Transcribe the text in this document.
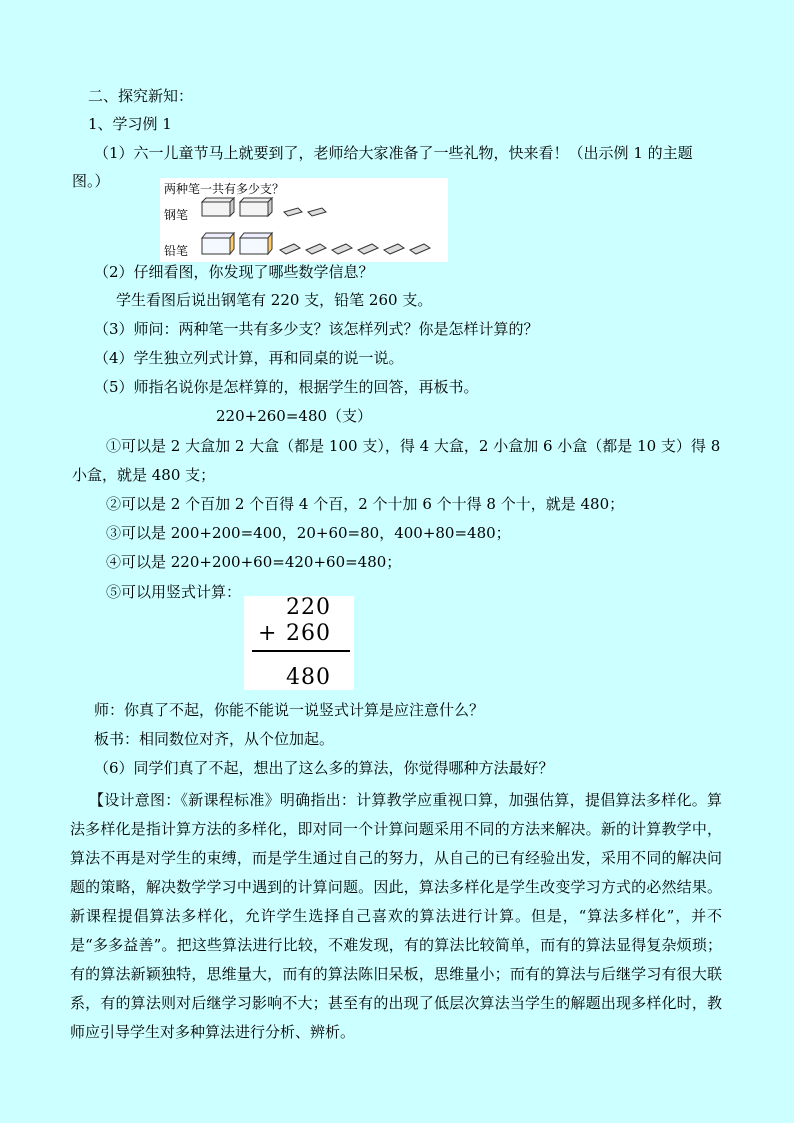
二、探究新知：
1、学习例 1
（1）六一儿童节马上就要到了，老师给大家准备了一些礼物，快来看！（出示例 1 的主题
图。）	两种笔一共有多少支？
钢笔
铅笔
（2）仔细看图，你发现了哪些数学信息？
学生看图后说出钢笔有 220 支，铅笔 260 支。
（3）师问：两种笔一共有多少支？该怎样列式？你是怎样计算的？
（4）学生独立列式计算，再和同桌的说一说。
（5）师指名说你是怎样算的，根据学生的回答，再板书。
220+260=480（支）
①可以是 2 大盒加 2 大盒（都是 100 支），得 4 大盒，2 小盒加 6 小盒（都是 10 支）得 8
小盒，就是 480 支；
②可以是 2 个百加 2 个百得 4 个百，2 个十加 6 个十得 8 个十，就是 480；
③可以是 200+200=400，20+60=80，400+80=480；
④可以是 220+200+60=420+60=480；
⑤可以用竖式计算：
220
+ 260
480
师：你真了不起，你能不能说一说竖式计算是应注意什么？
板书：相同数位对齐，从个位加起。
（6）同学们真了不起，想出了这么多的算法，你觉得哪种方法最好？
【设计意图：《新课程标准》明确指出：计算教学应重视口算，加强估算，提倡算法多样化。算法多样化是指计算方法的多样化，即对同一个计算问题采用不同的方法来解决。新的计算教学中，算法不再是对学生的束缚，而是学生通过自己的努力，从自己的已有经验出发，采用不同的解决问题的策略，解决数学学习中遇到的计算问题。因此，算法多样化是学生改变学习方式的必然结果。新课程提倡算法多样化，允许学生选择自己喜欢的算法进行计算。但是，“算法多样化”，并不是“多多益善”。把这些算法进行比较，不难发现，有的算法比较简单，而有的算法显得复杂烦琐；有的算法新颖独特，思维量大，而有的算法陈旧呆板，思维量小；而有的算法与后继学习有很大联系，有的算法则对后继学习影响不大；甚至有的出现了低层次算法当学生的解题出现多样化时，教师应引导学生对多种算法进行分析、辨析。
